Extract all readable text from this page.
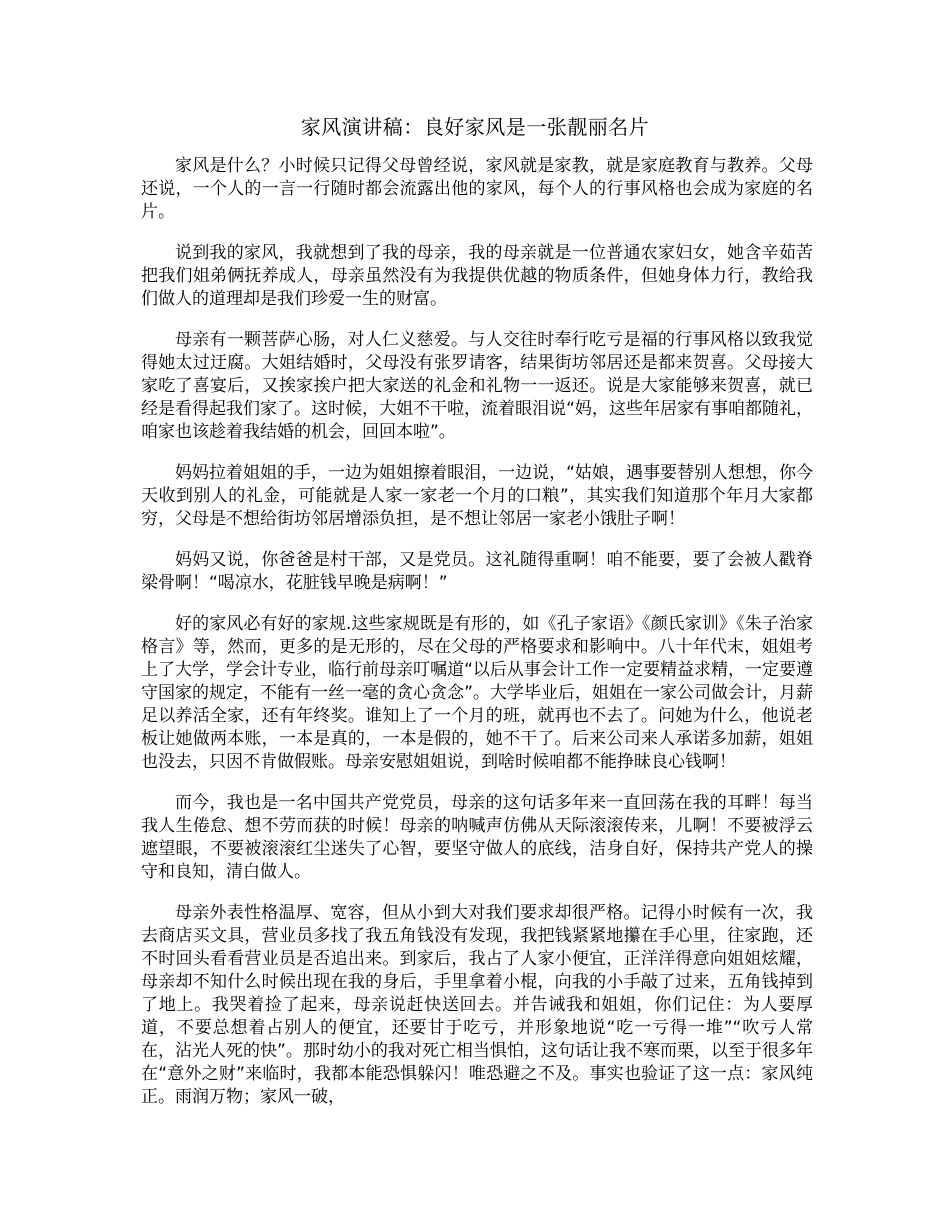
家风演讲稿：良好家风是一张靓丽名片

家风是什么？小时候只记得父母曾经说，家风就是家教，就是家庭教育与教养。父母还说，一个人的一言一行随时都会流露出他的家风，每个人的行事风格也会成为家庭的名片。

说到我的家风，我就想到了我的母亲，我的母亲就是一位普通农家妇女，她含辛茹苦把我们姐弟俩抚养成人，母亲虽然没有为我提供优越的物质条件，但她身体力行，教给我们做人的道理却是我们珍爱一生的财富。

母亲有一颗菩萨心肠，对人仁义慈爱。与人交往时奉行吃亏是福的行事风格以致我觉得她太过迂腐。大姐结婚时，父母没有张罗请客，结果街坊邻居还是都来贺喜。父母接大家吃了喜宴后，又挨家挨户把大家送的礼金和礼物一一返还。说是大家能够来贺喜，就已经是看得起我们家了。这时候，大姐不干啦，流着眼泪说“妈，这些年居家有事咱都随礼，咱家也该趁着我结婚的机会，回回本啦”。

妈妈拉着姐姐的手，一边为姐姐擦着眼泪，一边说，“姑娘，遇事要替别人想想，你今天收到别人的礼金，可能就是人家一家老一个月的口粮”，其实我们知道那个年月大家都穷，父母是不想给街坊邻居增添负担，是不想让邻居一家老小饿肚子啊！

妈妈又说，你爸爸是村干部，又是党员。这礼随得重啊！咱不能要，要了会被人戳脊梁骨啊！“喝凉水，花脏钱早晚是病啊！”

好的家风必有好的家规.这些家规既是有形的，如《孔子家语》《颜氏家训》《朱子治家格言》等，然而，更多的是无形的，尽在父母的严格要求和影响中。八十年代末，姐姐考上了大学，学会计专业，临行前母亲叮嘱道“以后从事会计工作一定要精益求精，一定要遵守国家的规定，不能有一丝一毫的贪心贪念”。大学毕业后，姐姐在一家公司做会计，月薪足以养活全家，还有年终奖。谁知上了一个月的班，就再也不去了。问她为什么，他说老板让她做两本账，一本是真的，一本是假的，她不干了。后来公司来人承诺多加薪，姐姐也没去，只因不肯做假账。母亲安慰姐姐说，到啥时候咱都不能挣昧良心钱啊！

而今，我也是一名中国共产党党员，母亲的这句话多年来一直回荡在我的耳畔！每当我人生倦怠、想不劳而获的时候！母亲的呐喊声仿佛从天际滚滚传来，儿啊！不要被浮云遮望眼，不要被滚滚红尘迷失了心智，要坚守做人的底线，洁身自好，保持共产党人的操守和良知，清白做人。

母亲外表性格温厚、宽容，但从小到大对我们要求却很严格。记得小时候有一次，我去商店买文具，营业员多找了我五角钱没有发现，我把钱紧紧地攥在手心里，往家跑，还不时回头看看营业员是否追出来。到家后，我占了人家小便宜，正洋洋得意向姐姐炫耀，母亲却不知什么时候出现在我的身后，手里拿着小棍，向我的小手敲了过来，五角钱掉到了地上。我哭着捡了起来，母亲说赶快送回去。并告诫我和姐姐，你们记住：为人要厚道，不要总想着占别人的便宜，还要甘于吃亏，并形象地说“吃一亏得一堆”“吹亏人常在，沾光人死的快”。那时幼小的我对死亡相当惧怕，这句话让我不寒而栗，以至于很多年在“意外之财”来临时，我都本能恐惧躲闪！唯恐避之不及。事实也验证了这一点：家风纯正。雨润万物；家风一破，
